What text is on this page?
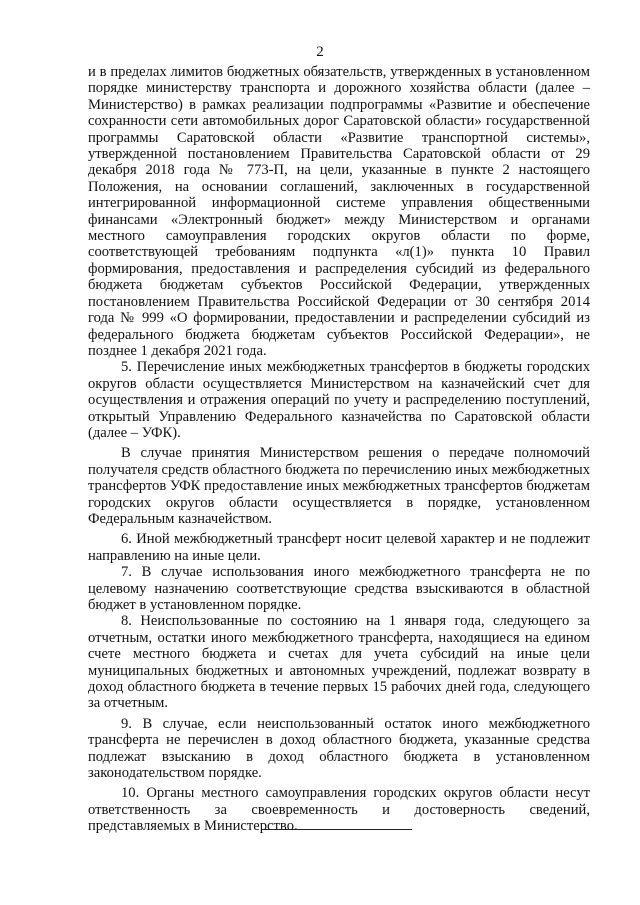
2

и в пределах лимитов бюджетных обязательств, утвержденных в установленном порядке министерству транспорта и дорожного хозяйства области (далее – Министерство) в рамках реализации подпрограммы «Развитие и обеспечение сохранности сети автомобильных дорог Саратовской области» государственной программы Саратовской области «Развитие транспортной системы», утвержденной постановлением Правительства Саратовской области от 29 декабря 2018 года № 773-П, на цели, указанные в пункте 2 настоящего Положения, на основании соглашений, заключенных в государственной интегрированной информационной системе управления общественными финансами «Электронный бюджет» между Министерством и органами местного самоуправления городских округов области по форме, соответствующей требованиям подпункта «л(1)» пункта 10 Правил формирования, предоставления и распределения субсидий из федерального бюджета бюджетам субъектов Российской Федерации, утвержденных постановлением Правительства Российской Федерации от 30 сентября 2014 года № 999 «О формировании, предоставлении и распределении субсидий из федерального бюджета бюджетам субъектов Российской Федерации», не позднее 1 декабря 2021 года.

5. Перечисление иных межбюджетных трансфертов в бюджеты городских округов области осуществляется Министерством на казначейский счет для осуществления и отражения операций по учету и распределению поступлений, открытый Управлению Федерального казначейства по Саратовской области (далее – УФК).

В случае принятия Министерством решения о передаче полномочий получателя средств областного бюджета по перечислению иных межбюджетных трансфертов УФК предоставление иных межбюджетных трансфертов бюджетам городских округов области осуществляется в порядке, установленном Федеральным казначейством.

6. Иной межбюджетный трансферт носит целевой характер и не подлежит направлению на иные цели.

7. В случае использования иного межбюджетного трансферта не по целевому назначению соответствующие средства взыскиваются в областной бюджет в установленном порядке.

8. Неиспользованные по состоянию на 1 января года, следующего за отчетным, остатки иного межбюджетного трансферта, находящиеся на едином счете местного бюджета и счетах для учета субсидий на иные цели муниципальных бюджетных и автономных учреждений, подлежат возврату в доход областного бюджета в течение первых 15 рабочих дней года, следующего за отчетным.

9. В случае, если неиспользованный остаток иного межбюджетного трансферта не перечислен в доход областного бюджета, указанные средства подлежат взысканию в доход областного бюджета в установленном законодательством порядке.

10. Органы местного самоуправления городских округов области несут ответственность за своевременность и достоверность сведений, представляемых в Министерство.
